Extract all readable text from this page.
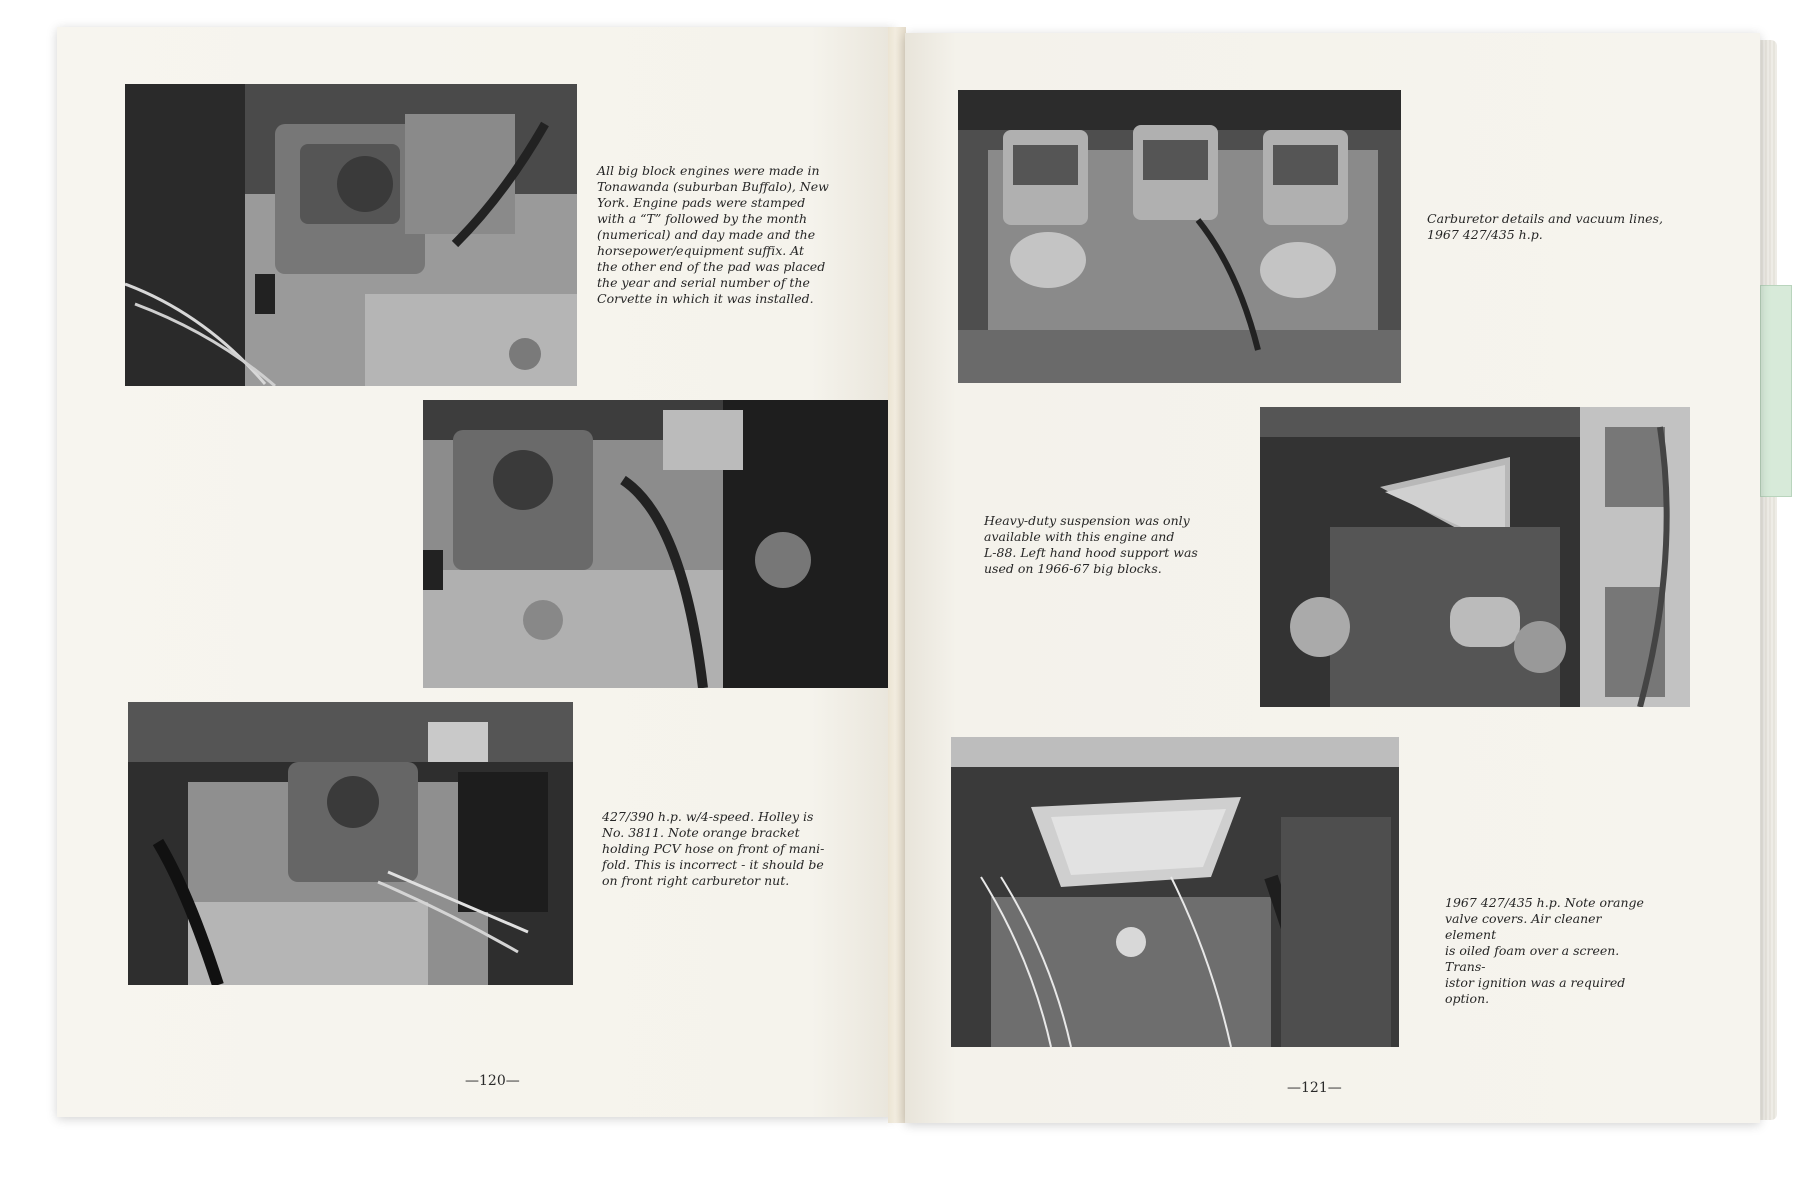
All big block engines were made in
Tonawanda (suburban Buffalo), New
York. Engine pads were stamped
with a “T” followed by the month
(numerical) and day made and the
horsepower/equipment suffix. At
the other end of the pad was placed
the year and serial number of the
Corvette in which it was installed.

427/390 h.p. w/4-speed. Holley is
No. 3811. Note orange bracket
holding PCV hose on front of mani-
fold. This is incorrect - it should be
on front right carburetor nut.

—120—

Carburetor details and vacuum lines,
1967 427/435 h.p.

Heavy-duty suspension was only
available with this engine and
L-88. Left hand hood support was
used on 1966-67 big blocks.

1967 427/435 h.p. Note orange
valve covers. Air cleaner element
is oiled foam over a screen. Trans-
istor ignition was a required
option.

—121—
